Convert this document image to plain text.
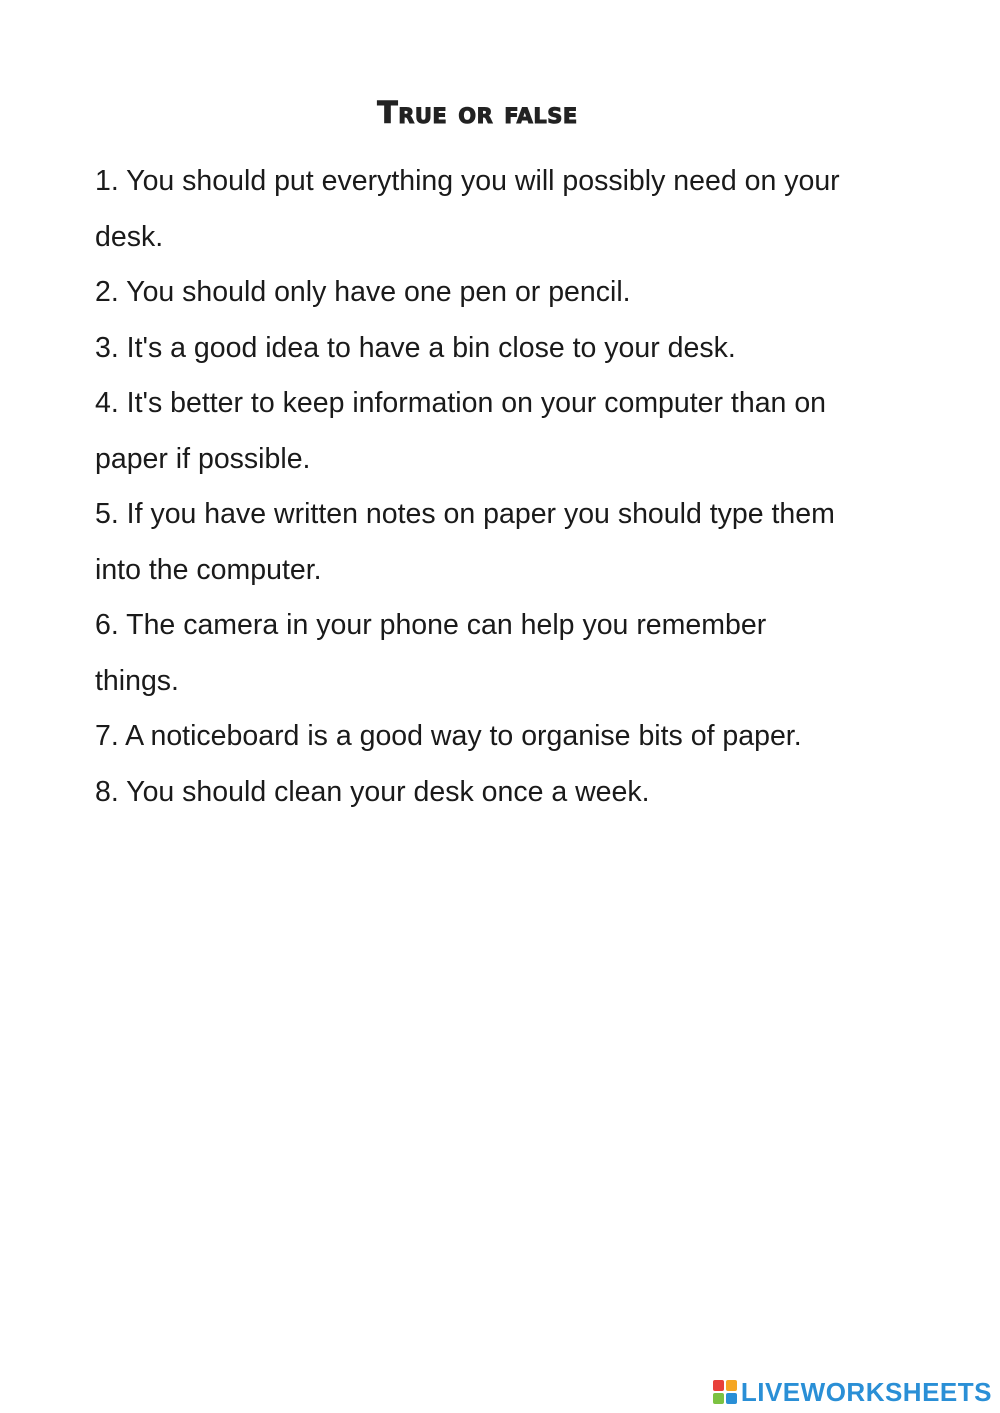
True or false
1. You should put everything you will possibly need on your
desk.
2. You should only have one pen or pencil.
3. It's a good idea to have a bin close to your desk.
4. It's better to keep information on your computer than on
paper if possible.
5. If you have written notes on paper you should type them
into the computer.
6. The camera in your phone can help you remember
things.
7. A noticeboard is a good way to organise bits of paper.
8. You should clean your desk once a week.
LIVEWORKSHEETS
